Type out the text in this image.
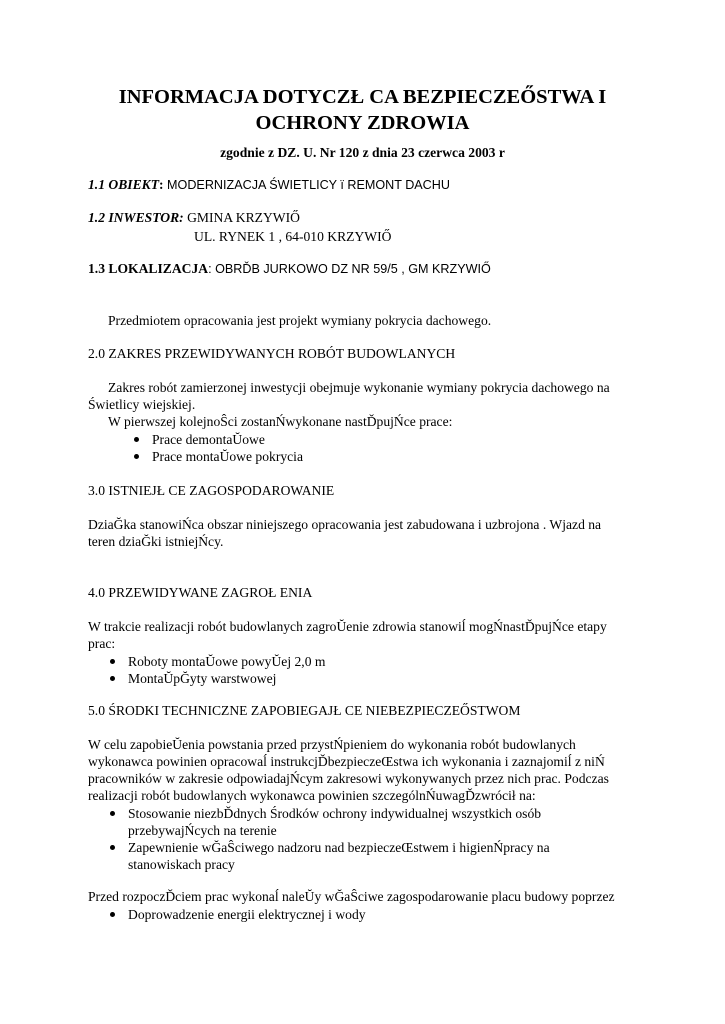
INFORMACJA DOTYCZŁ CA BEZPIECZEŐSTWA I
OCHRONY ZDROWIA
zgodnie z DZ. U. Nr 120 z dnia 23 czerwca 2003 r
1.1 OBIEKT: MODERNIZACJA ŚWIETLICY ï REMONT DACHU
1.2 INWESTOR: GMINA KRZYWIŐ
UL. RYNEK 1 , 64-010 KRZYWIŐ
1.3 LOKALIZACJA: OBRĎB JURKOWO DZ NR 59/5 , GM KRZYWIŐ
Przedmiotem opracowania jest projekt wymiany pokrycia dachowego.
2.0 ZAKRES PRZEWIDYWANYCH ROBÓT BUDOWLANYCH
Zakres robót zamierzonej inwestycji obejmuje wykonanie wymiany pokrycia dachowego na
Świetlicy wiejskiej.
W pierwszej kolejnoŜci zostanŃwykonane nastĎpujŃce prace:
Prace demontaŬowe
Prace montaŬowe pokrycia
3.0 ISTNIEJŁ CE ZAGOSPODAROWANIE
DziaĞka stanowiŃca obszar niniejszego opracowania jest zabudowana i uzbrojona . Wjazd na
teren dziaĞki istniejŃcy.
4.0 PRZEWIDYWANE ZAGROŁ ENIA
W trakcie realizacji robót budowlanych zagroŬenie zdrowia stanowiĺ mogŃnastĎpujŃce etapy
prac:
Roboty montaŬowe powyŬej 2,0 m
MontaŬpĞyty warstwowej
5.0 ŚRODKI TECHNICZNE ZAPOBIEGAJŁ CE NIEBEZPIECZEŐSTWOM
W celu zapobieŬenia powstania przed przystŃpieniem do wykonania robót budowlanych
wykonawca powinien opracowaĺ instrukcjĎbezpieczeŒstwa ich wykonania i zaznajomiĺ z niŃ
pracowników w zakresie odpowiadajŃcym zakresowi wykonywanych przez nich prac. Podczas
realizacji robót budowlanych wykonawca powinien szczególnŃuwagĎzwrócił na:
Stosowanie niezbĎdnych Środków ochrony indywidualnej wszystkich osób
przebywajŃcych na terenie
Zapewnienie wĞaŜciwego nadzoru nad bezpieczeŒstwem i higienŃpracy na
stanowiskach pracy
Przed rozpoczĎciem prac wykonaĺ naleŬy wĞaŜciwe zagospodarowanie placu budowy poprzez
Doprowadzenie energii elektrycznej i wody
